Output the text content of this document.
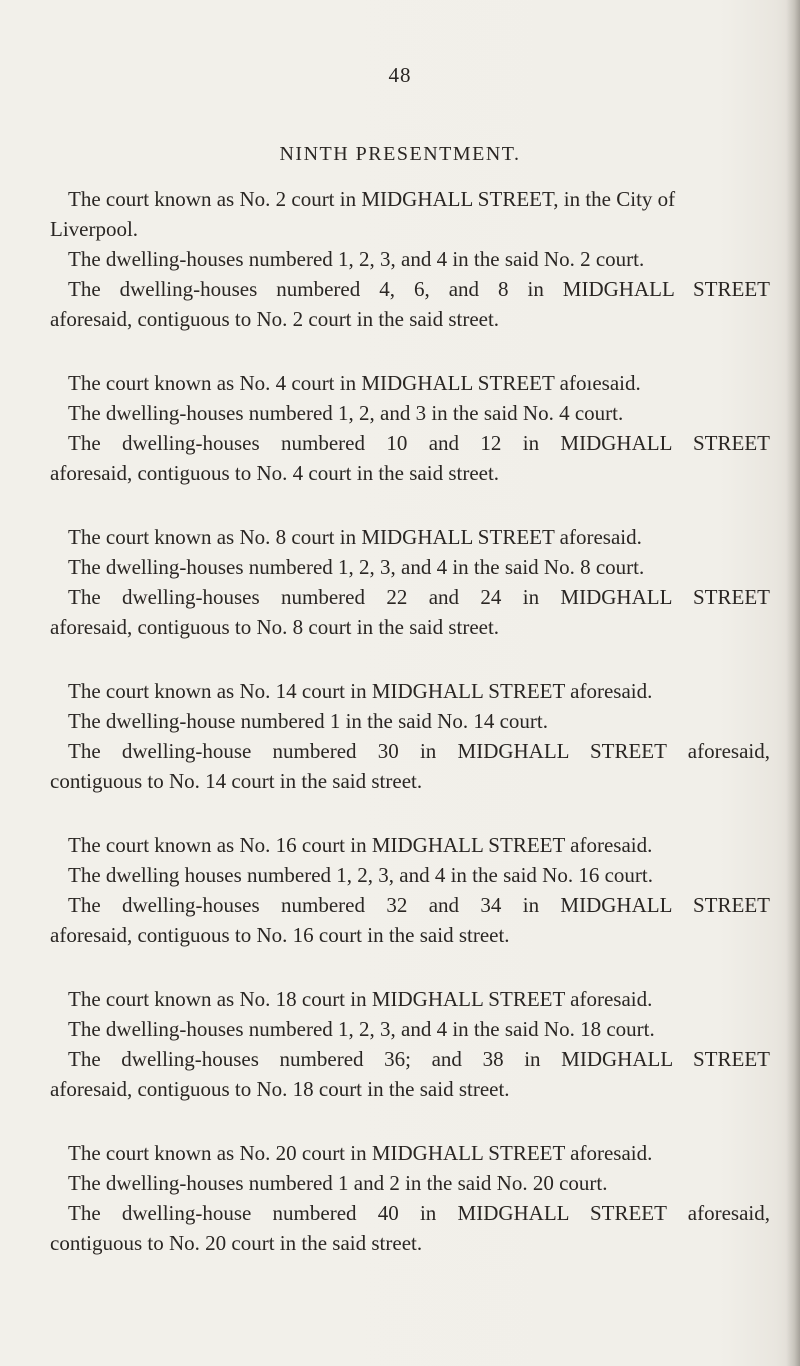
48

NINTH PRESENTMENT.

The court known as No. 2 court in MIDGHALL STREET, in the City of

Liverpool.

The dwelling-houses numbered 1, 2, 3, and 4 in the said No. 2 court.

The dwelling-houses numbered 4, 6, and 8 in MIDGHALL STREET

aforesaid, contiguous to No. 2 court in the said street.

The court known as No. 4 court in MIDGHALL STREET afoıesaid.

The dwelling-houses numbered 1, 2, and 3 in the said No. 4 court.

The dwelling-houses numbered 10 and 12 in MIDGHALL STREET

aforesaid, contiguous to No. 4 court in the said street.

The court known as No. 8 court in MIDGHALL STREET aforesaid.

The dwelling-houses numbered 1, 2, 3, and 4 in the said No. 8 court.

The dwelling-houses numbered 22 and 24 in MIDGHALL STREET

aforesaid, contiguous to No. 8 court in the said street.

The court known as No. 14 court in MIDGHALL STREET aforesaid.

The dwelling-house numbered 1 in the said No. 14 court.

The dwelling-house numbered 30 in MIDGHALL STREET aforesaid,

contiguous to No. 14 court in the said street.

The court known as No. 16 court in MIDGHALL STREET aforesaid.

The dwelling houses numbered 1, 2, 3, and 4 in the said No. 16 court.

The dwelling-houses numbered 32 and 34 in MIDGHALL STREET

aforesaid, contiguous to No. 16 court in the said street.

The court known as No. 18 court in MIDGHALL STREET aforesaid.

The dwelling-houses numbered 1, 2, 3, and 4 in the said No. 18 court.

The dwelling-houses numbered 36; and 38 in MIDGHALL STREET

aforesaid, contiguous to No. 18 court in the said street.

The court known as No. 20 court in MIDGHALL STREET aforesaid.

The dwelling-houses numbered 1 and 2 in the said No. 20 court.

The dwelling-house numbered 40 in MIDGHALL STREET aforesaid,

contiguous to No. 20 court in the said street.
